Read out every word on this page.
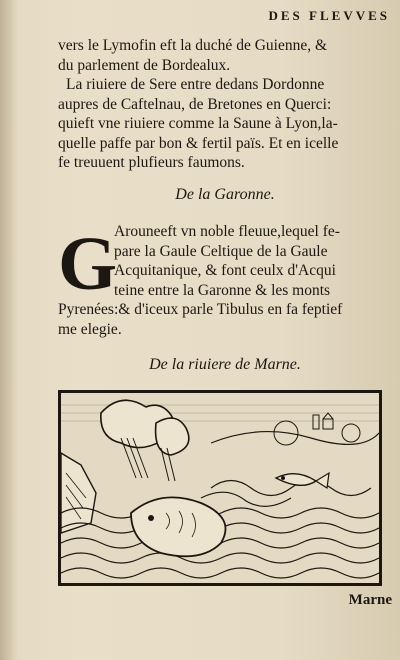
DES FLEVVES
vers le Lymofin eft la duché de Guienne, &
du parlement de Bordealux.
La riuiere de Sere entre dedans Dordonne
aupres de Caftelnau, de Bretones en Querci:
quieft vne riuiere comme la Saune à Lyon,la-
quelle paffe par bon & fertil païs. Et en icelle
fe treuuent plufieurs faumons.
De la Garonne.
G
Arouneeft vn noble fleuue,lequel fe-
pare la Gaule Celtique de la Gaule
Acquitanique, & font ceulx d'Acqui
teine entre la Garonne & les monts
Pyrenées:& d'iceux parle Tibulus en fa feptief
me elegie.
De la riuiere de Marne.
Marne
